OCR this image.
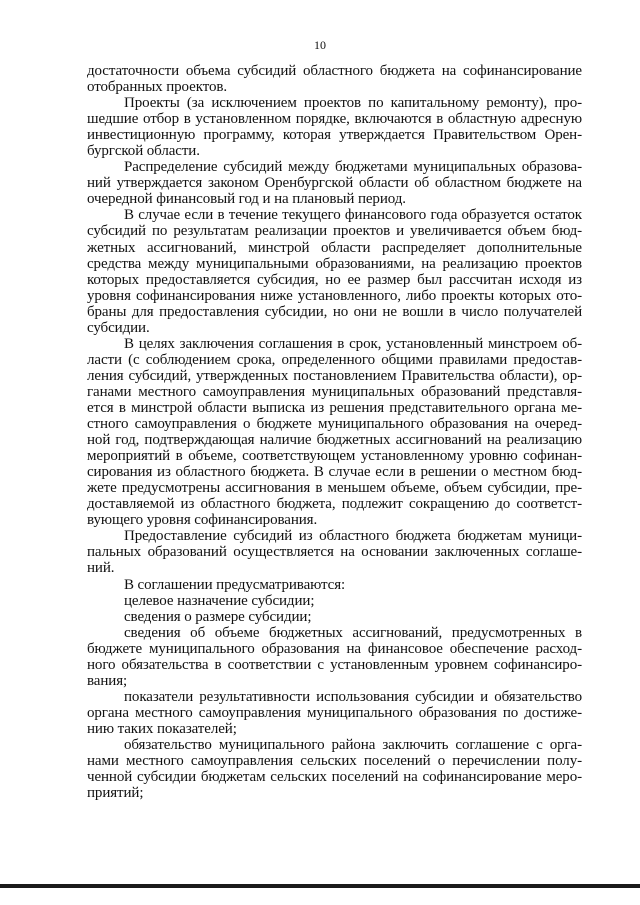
10
достаточности объема субсидий областного бюджета на софинансирование
отобранных проектов.
Проекты (за исключением проектов по капитальному ремонту), про-
шедшие отбор в установленном порядке, включаются в областную адресную
инвестиционную программу, которая утверждается Правительством Орен-
бургской области.
Распределение субсидий между бюджетами муниципальных образова-
ний утверждается законом Оренбургской области об областном бюджете на
очередной финансовый год и на плановый период.
В случае если в течение текущего финансового года образуется остаток
субсидий по результатам реализации проектов и увеличивается объем бюд-
жетных ассигнований, минстрой области распределяет дополнительные
средства между муниципальными образованиями, на реализацию проектов
которых предоставляется субсидия, но ее размер был рассчитан исходя из
уровня софинансирования ниже установленного, либо проекты которых ото-
браны для предоставления субсидии, но они не вошли в число получателей
субсидии.
В целях заключения соглашения в срок, установленный минстроем об-
ласти (с соблюдением срока, определенного общими правилами предостав-
ления субсидий, утвержденных постановлением Правительства области), ор-
ганами местного самоуправления муниципальных образований представля-
ется в минстрой области выписка из решения представительного органа ме-
стного самоуправления о бюджете муниципального образования на очеред-
ной год, подтверждающая наличие бюджетных ассигнований на реализацию
мероприятий в объеме, соответствующем установленному уровню софинан-
сирования из областного бюджета. В случае если в решении о местном бюд-
жете предусмотрены ассигнования в меньшем объеме, объем субсидии, пре-
доставляемой из областного бюджета, подлежит сокращению до соответст-
вующего уровня софинансирования.
Предоставление субсидий из областного бюджета бюджетам муници-
пальных образований осуществляется на основании заключенных соглаше-
ний.
В соглашении предусматриваются:
целевое назначение субсидии;
сведения о размере субсидии;
сведения об объеме бюджетных ассигнований, предусмотренных в
бюджете муниципального образования на финансовое обеспечение расход-
ного обязательства в соответствии с установленным уровнем софинансиро-
вания;
показатели результативности использования субсидии и обязательство
органа местного самоуправления муниципального образования по достиже-
нию таких показателей;
обязательство муниципального района заключить соглашение с орга-
нами местного самоуправления сельских поселений о перечислении полу-
ченной субсидии бюджетам сельских поселений на софинансирование меро-
приятий;
